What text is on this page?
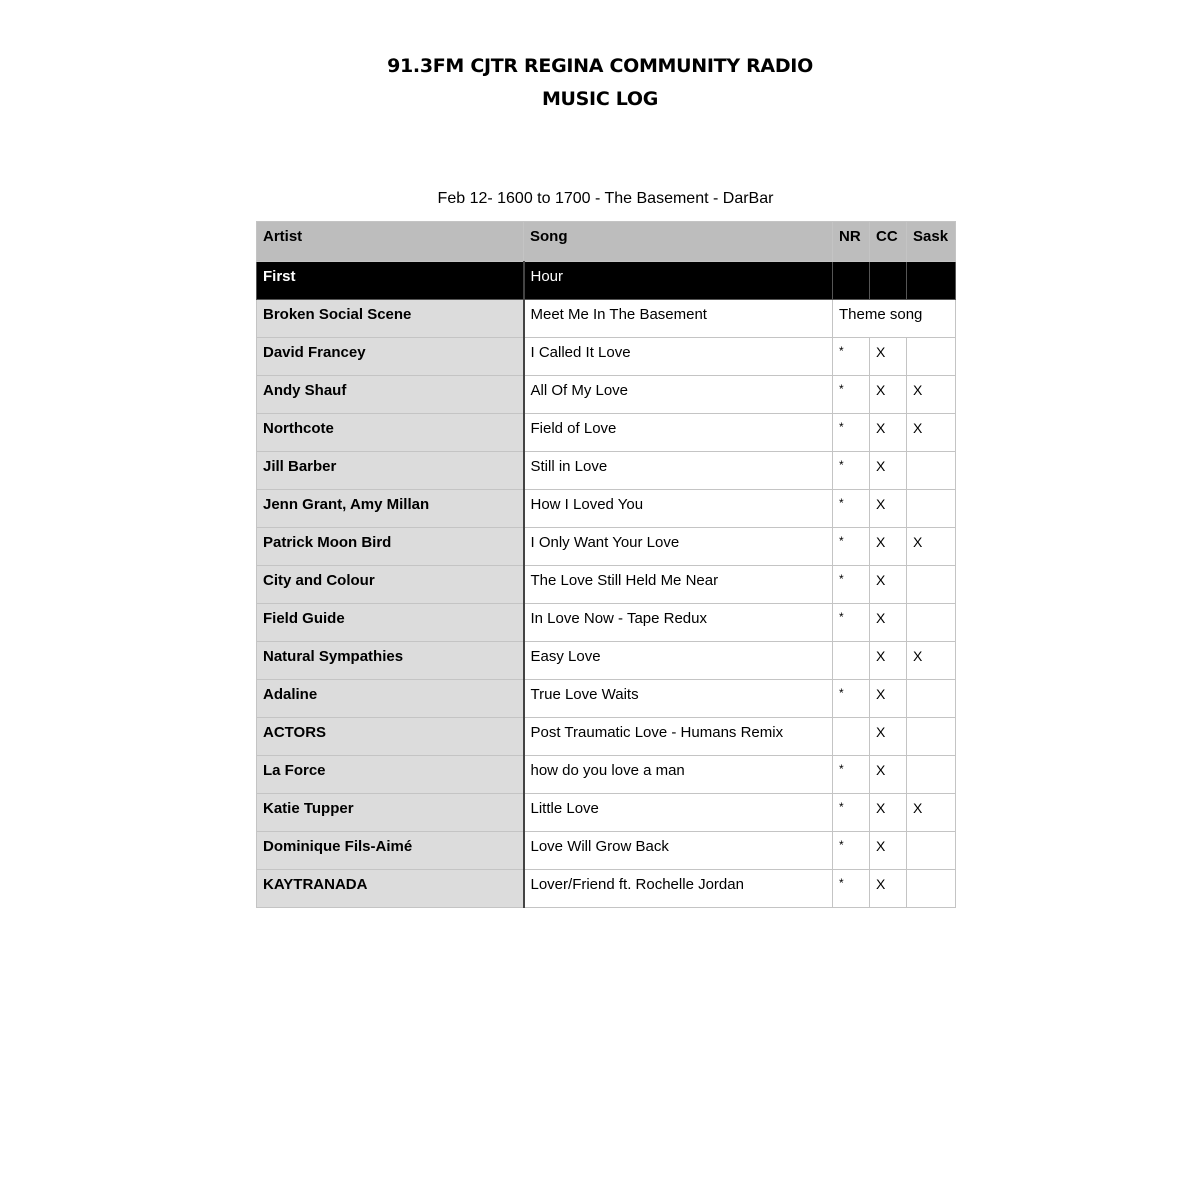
91.3FM CJTR REGINA COMMUNITY RADIO
MUSIC LOG
Feb 12- 1600 to 1700 - The Basement - DarBar
Artist	Song	NR	CC	Sask
First	Hour			
Broken Social Scene	Meet Me In The Basement	Theme song		
David Francey	I Called It Love	*	X	
Andy Shauf	All Of My Love	*	X	X
Northcote	Field of Love	*	X	X
Jill Barber	Still in Love	*	X	
Jenn Grant, Amy Millan	How I Loved You	*	X	
Patrick Moon Bird	I Only Want Your Love	*	X	X
City and Colour	The Love Still Held Me Near	*	X	
Field Guide	In Love Now - Tape Redux	*	X	
Natural Sympathies	Easy Love		X	X
Adaline	True Love Waits	*	X	
ACTORS	Post Traumatic Love - Humans Remix		X	
La Force	how do you love a man	*	X	
Katie Tupper	Little Love	*	X	X
Dominique Fils-Aimé	Love Will Grow Back	*	X	
KAYTRANADA	Lover/Friend ft. Rochelle Jordan	*	X	
